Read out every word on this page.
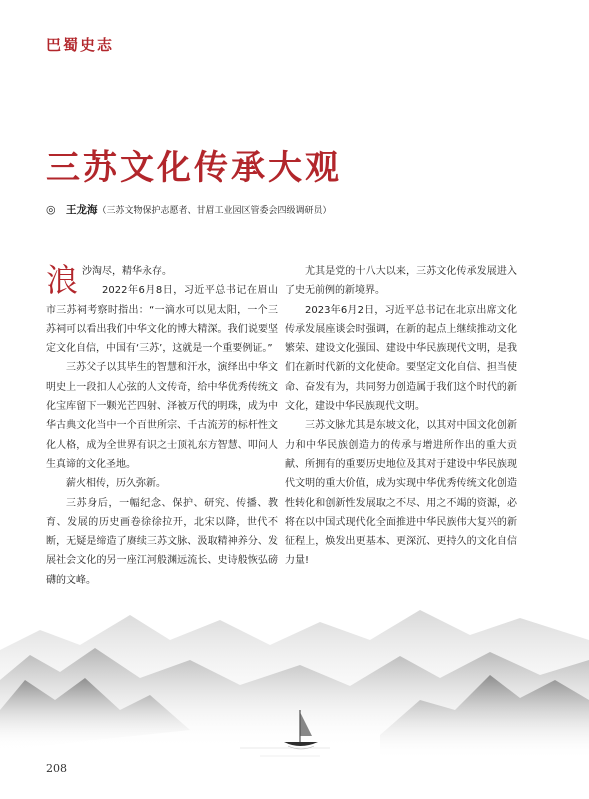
巴蜀史志
三苏文化传承大观
◎ 王龙海（三苏文物保护志愿者、甘眉工业园区管委会四级调研员）

浪沙淘尽，精华永存。

2022年6月8日，习近平总书记在眉山市三苏祠考察时指出：“一滴水可以见太阳，一个三苏祠可以看出我们中华文化的博大精深。我们说要坚定文化自信，中国有‘三苏’，这就是一个重要例证。”

三苏父子以其毕生的智慧和汗水，演绎出中华文明史上一段扣人心弦的人文传奇，给中华优秀传统文化宝库留下一颗光芒四射、泽被万代的明珠，成为中华古典文化当中一个百世所宗、千古流芳的标杆性文化人格，成为全世界有识之士顶礼东方智慧、叩问人生真谛的文化圣地。

薪火相传，历久弥新。

三苏身后，一幅纪念、保护、研究、传播、教育、发展的历史画卷徐徐拉开，北宋以降，世代不断，无疑是缔造了赓续三苏文脉、汲取精神养分、发展社会文化的另一座江河般渊远流长、史诗般恢弘磅礴的文峰。

尤其是党的十八大以来，三苏文化传承发展进入了史无前例的新境界。

2023年6月2日，习近平总书记在北京出席文化传承发展座谈会时强调，在新的起点上继续推动文化繁荣、建设文化强国、建设中华民族现代文明，是我们在新时代新的文化使命。要坚定文化自信、担当使命、奋发有为，共同努力创造属于我们这个时代的新文化，建设中华民族现代文明。

三苏文脉尤其是东坡文化，以其对中国文化创新力和中华民族创造力的传承与增进所作出的重大贡献、所拥有的重要历史地位及其对于建设中华民族现代文明的重大价值，成为实现中华优秀传统文化创造性转化和创新性发展取之不尽、用之不竭的资源，必将在以中国式现代化全面推进中华民族伟大复兴的新征程上，焕发出更基本、更深沉、更持久的文化自信力量!

208
